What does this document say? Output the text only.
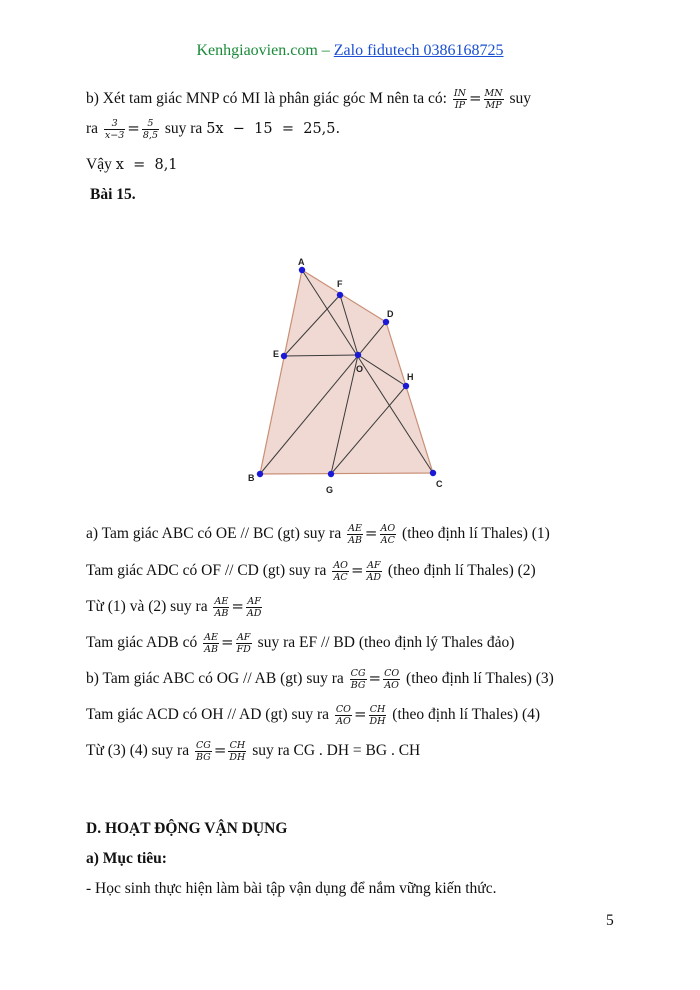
Kenhgiaovien.com – Zalo fidutech 0386168725
b) Xét tam giác MNP có MI là phân giác góc M nên ta có: $\frac{IN}{IP} = \frac{MN}{MP}$ suy
ra $\frac{3}{x-3} = \frac{5}{8,5}$ suy ra 5x  −  15  =  25,5.
Vậy x  =  8,1
Bài 15.
A
F
D
E
O
H
B
G
C
a) Tam giác ABC có OE // BC (gt) suy ra $\frac{AE}{AB} = \frac{AO}{AC}$ (theo định lí Thales) (1)
Tam giác ADC có OF // CD (gt) suy ra $\frac{AO}{AC} = \frac{AF}{AD}$ (theo định lí Thales) (2)
Từ (1) và (2) suy ra $\frac{AE}{AB} = \frac{AF}{AD}$
Tam giác ADB có $\frac{AE}{AB} = \frac{AF}{FD}$ suy ra EF // BD (theo định lý Thales đảo)
b) Tam giác ABC có OG // AB (gt) suy ra $\frac{CG}{BG} = \frac{CO}{AO}$ (theo định lí Thales) (3)
Tam giác ACD có OH // AD (gt) suy ra $\frac{CO}{AO} = \frac{CH}{DH}$ (theo định lí Thales) (4)
Từ (3) (4) suy ra $\frac{CG}{BG} = \frac{CH}{DH}$ suy ra CG . DH = BG . CH
D. HOẠT ĐỘNG VẬN DỤNG
a) Mục tiêu:
- Học sinh thực hiện làm bài tập vận dụng để nắm vững kiến thức.
5
